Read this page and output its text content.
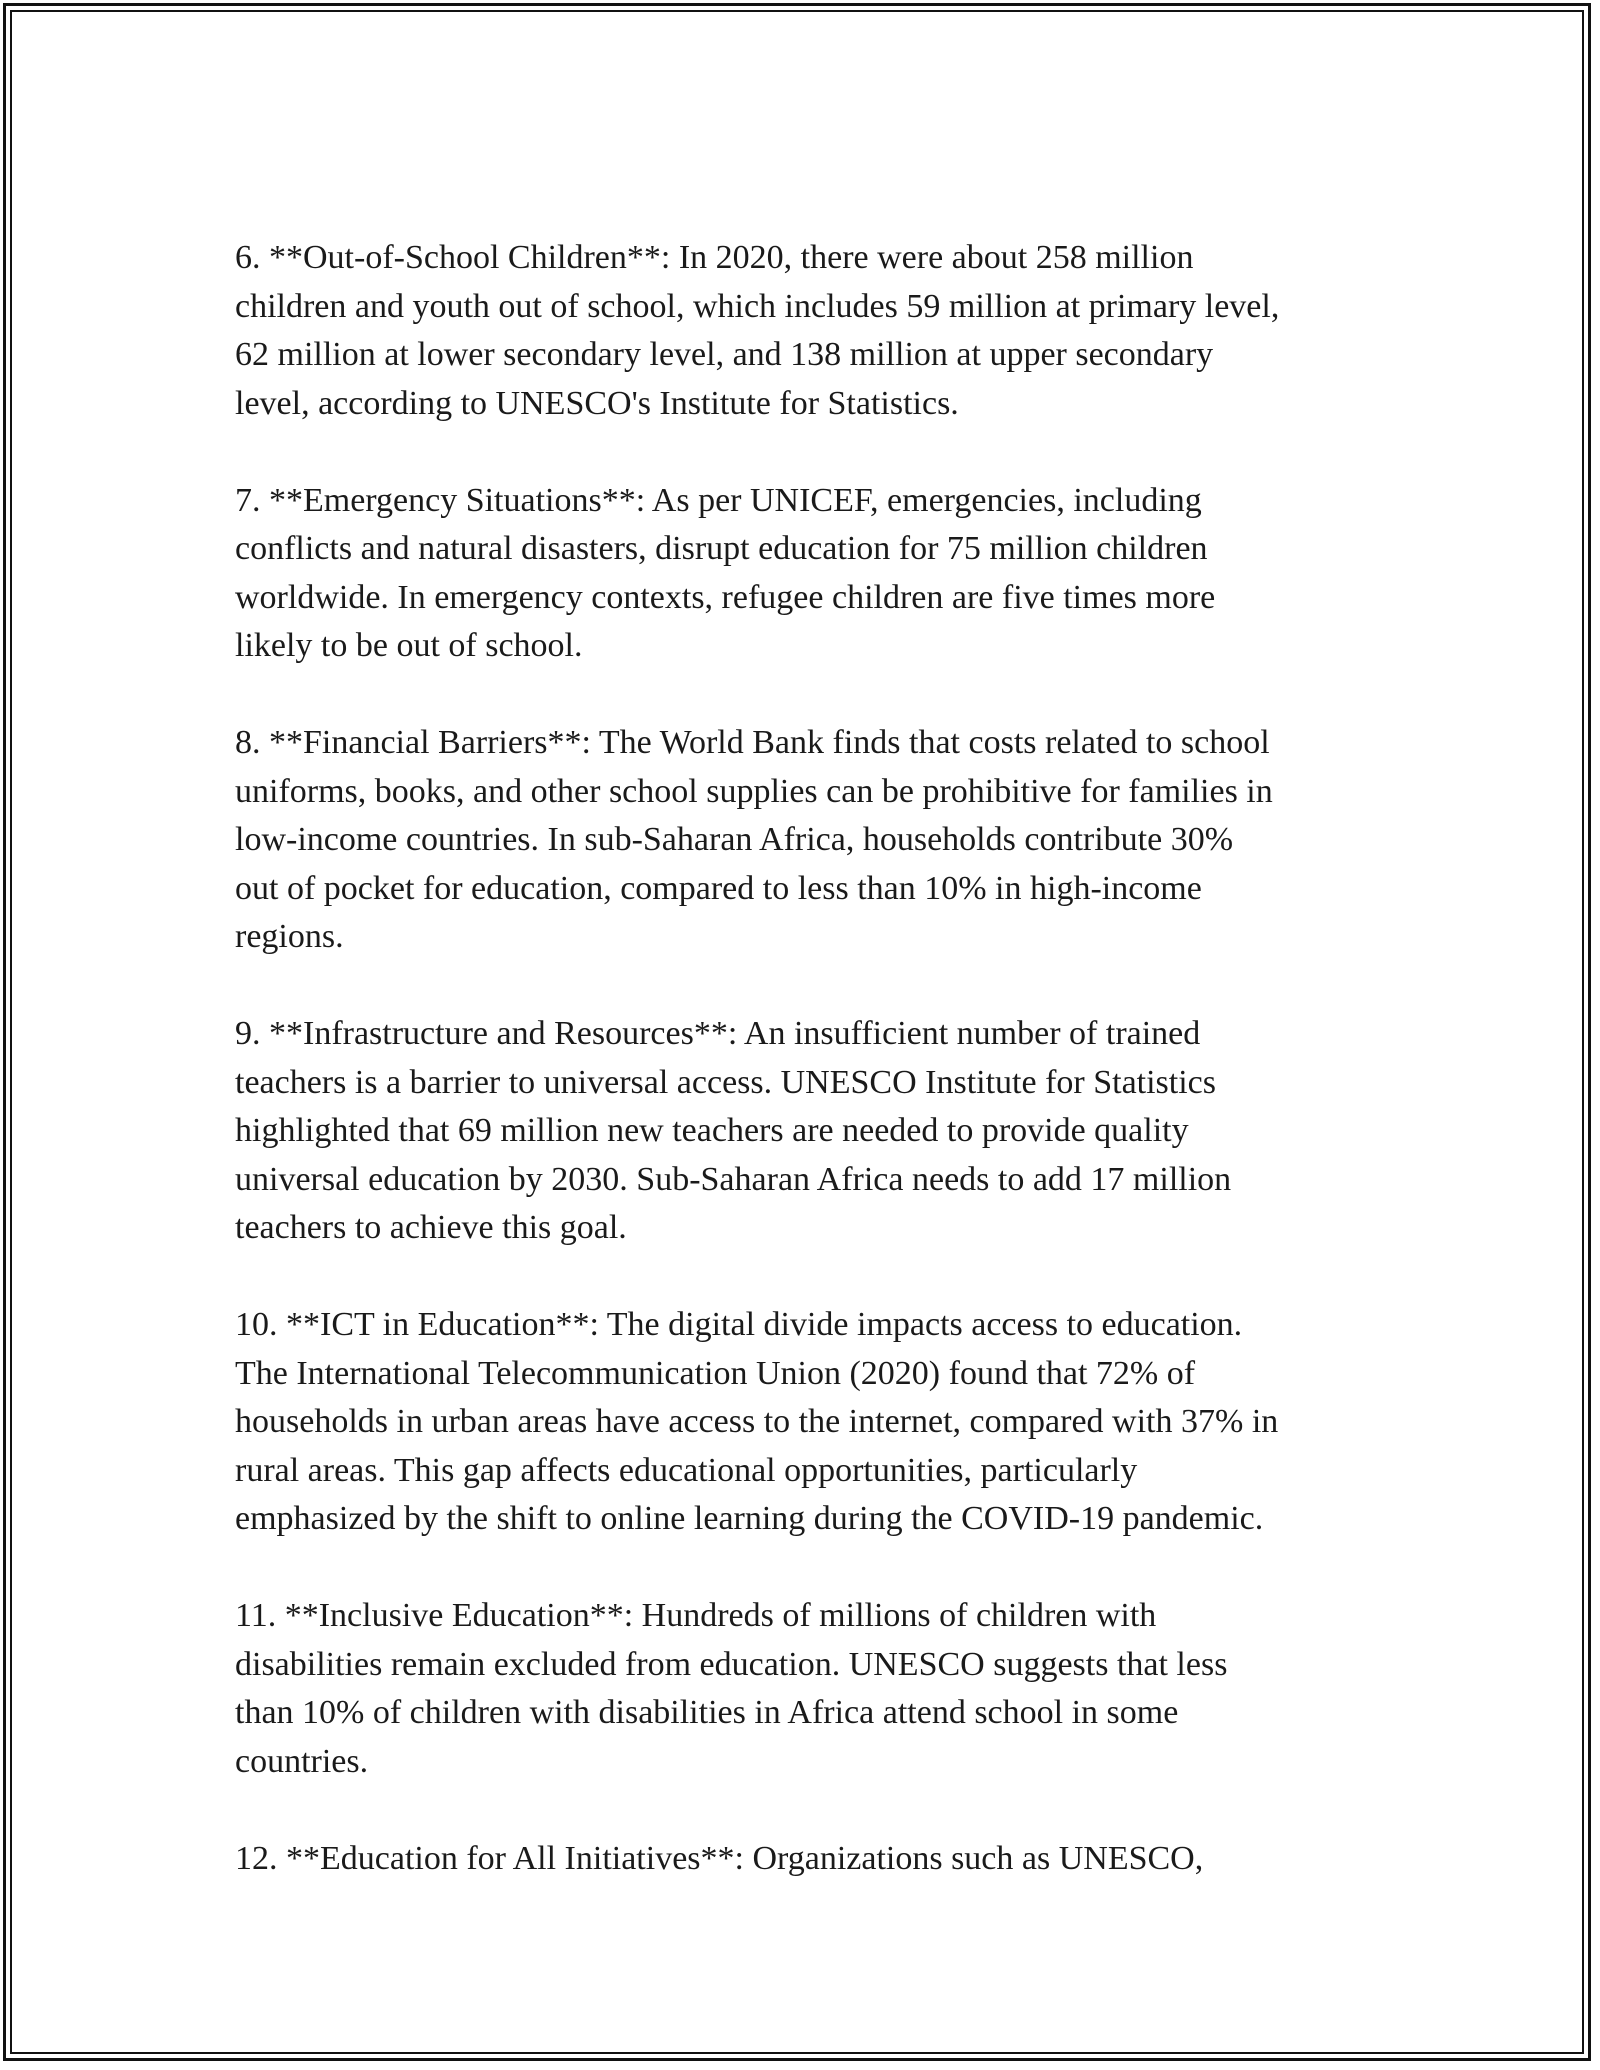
6. **Out-of-School Children**: In 2020, there were about 258 million
children and youth out of school, which includes 59 million at primary level,
62 million at lower secondary level, and 138 million at upper secondary
level, according to UNESCO's Institute for Statistics.

7. **Emergency Situations**: As per UNICEF, emergencies, including
conflicts and natural disasters, disrupt education for 75 million children
worldwide. In emergency contexts, refugee children are five times more
likely to be out of school.

8. **Financial Barriers**: The World Bank finds that costs related to school
uniforms, books, and other school supplies can be prohibitive for families in
low-income countries. In sub-Saharan Africa, households contribute 30%
out of pocket for education, compared to less than 10% in high-income
regions.

9. **Infrastructure and Resources**: An insufficient number of trained
teachers is a barrier to universal access. UNESCO Institute for Statistics
highlighted that 69 million new teachers are needed to provide quality
universal education by 2030. Sub-Saharan Africa needs to add 17 million
teachers to achieve this goal.

10. **ICT in Education**: The digital divide impacts access to education.
The International Telecommunication Union (2020) found that 72% of
households in urban areas have access to the internet, compared with 37% in
rural areas. This gap affects educational opportunities, particularly
emphasized by the shift to online learning during the COVID-19 pandemic.

11. **Inclusive Education**: Hundreds of millions of children with
disabilities remain excluded from education. UNESCO suggests that less
than 10% of children with disabilities in Africa attend school in some
countries.

12. **Education for All Initiatives**: Organizations such as UNESCO,
